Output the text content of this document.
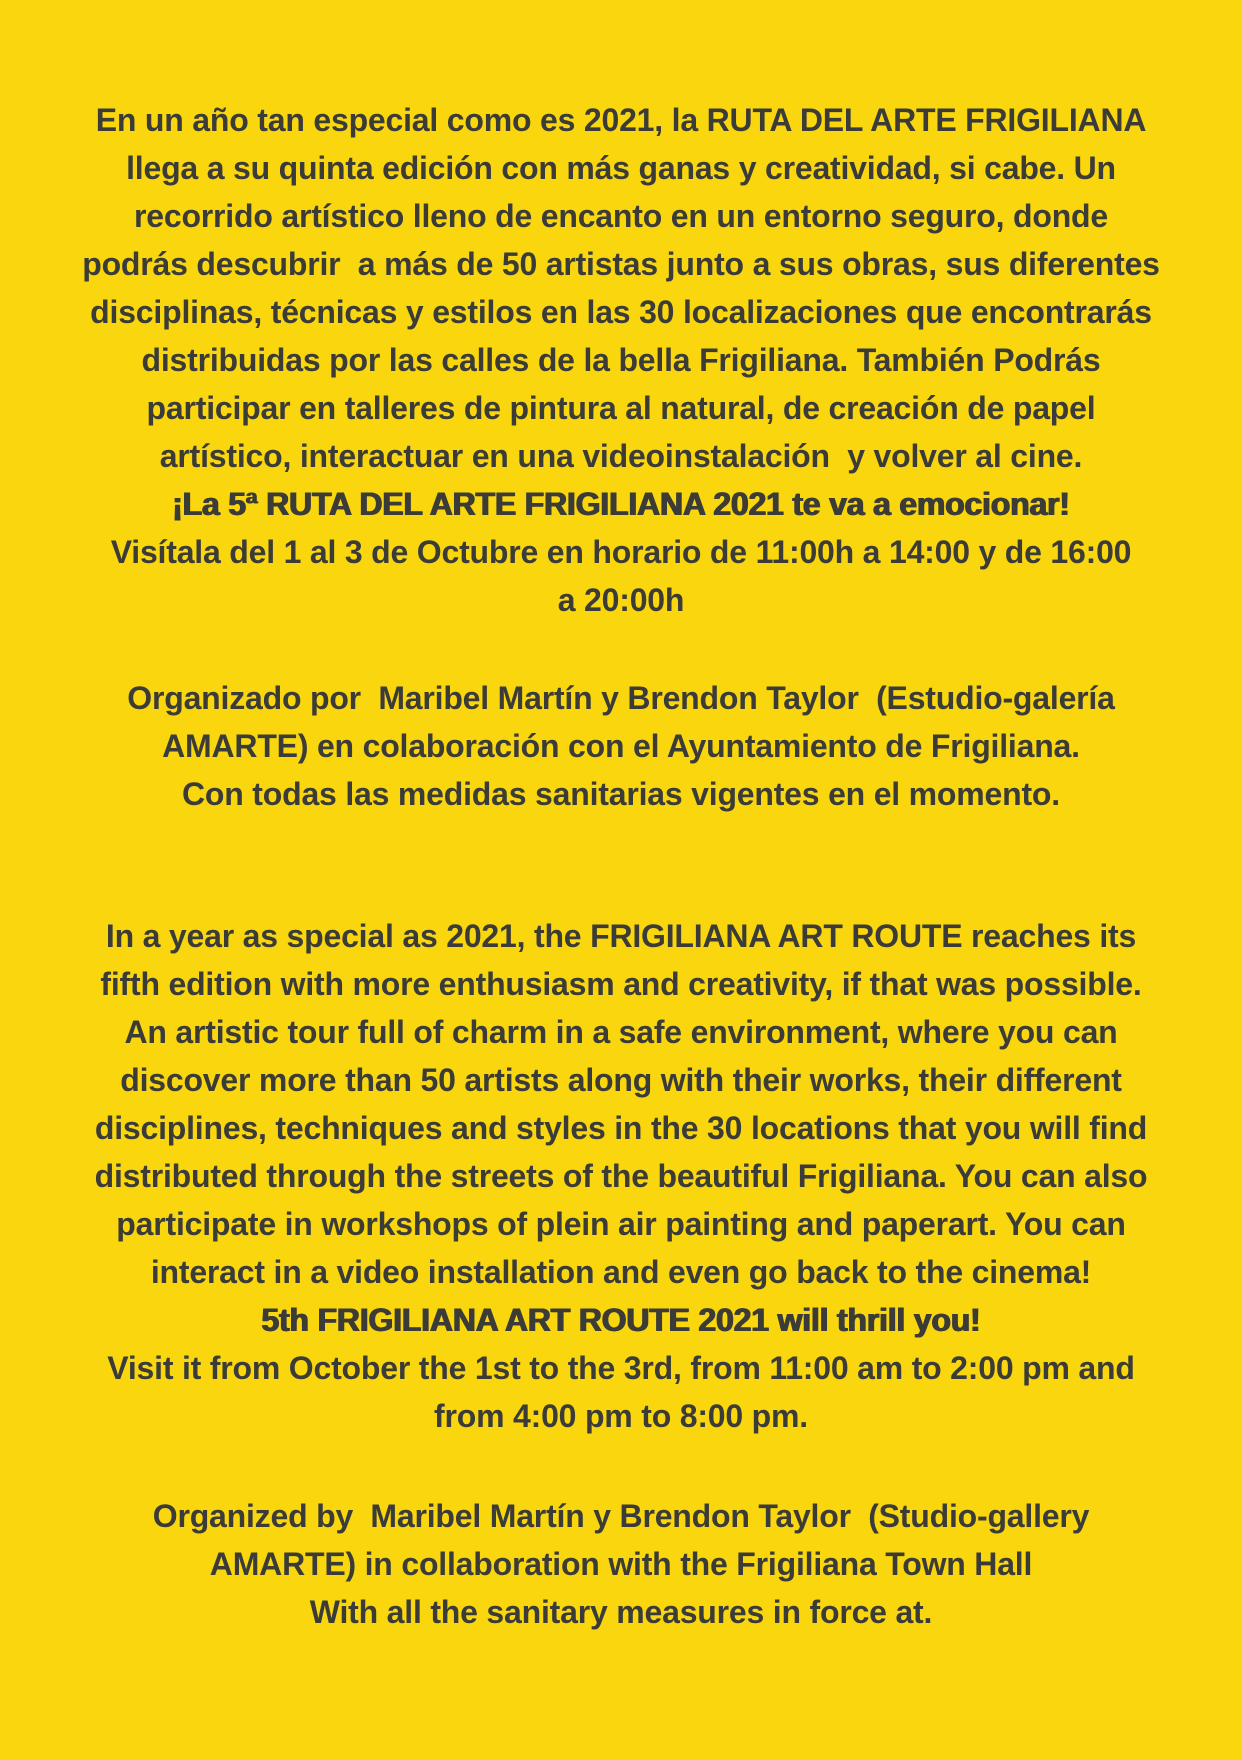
En un año tan especial como es 2021, la RUTA DEL ARTE FRIGILIANA
llega a su quinta edición con más ganas y creatividad, si cabe. Un
recorrido artístico lleno de encanto en un entorno seguro, donde
podrás descubrir  a más de 50 artistas junto a sus obras, sus diferentes
disciplinas, técnicas y estilos en las 30 localizaciones que encontrarás
distribuidas por las calles de la bella Frigiliana. También Podrás
participar en talleres de pintura al natural, de creación de papel
artístico, interactuar en una videoinstalación  y volver al cine.
¡La 5ª RUTA DEL ARTE FRIGILIANA 2021 te va a emocionar!
Visítala del 1 al 3 de Octubre en horario de 11:00h a 14:00 y de 16:00
a 20:00h
Organizado por  Maribel Martín y Brendon Taylor  (Estudio-galería
AMARTE) en colaboración con el Ayuntamiento de Frigiliana.
Con todas las medidas sanitarias vigentes en el momento.
In a year as special as 2021, the FRIGILIANA ART ROUTE reaches its
fifth edition with more enthusiasm and creativity, if that was possible.
An artistic tour full of charm in a safe environment, where you can
discover more than 50 artists along with their works, their different
disciplines, techniques and styles in the 30 locations that you will find
distributed through the streets of the beautiful Frigiliana. You can also
participate in workshops of plein air painting and paperart. You can
interact in a video installation and even go back to the cinema!
5th FRIGILIANA ART ROUTE 2021 will thrill you!
Visit it from October the 1st to the 3rd, from 11:00 am to 2:00 pm and
from 4:00 pm to 8:00 pm.
Organized by  Maribel Martín y Brendon Taylor  (Studio-gallery
AMARTE) in collaboration with the Frigiliana Town Hall
With all the sanitary measures in force at.
